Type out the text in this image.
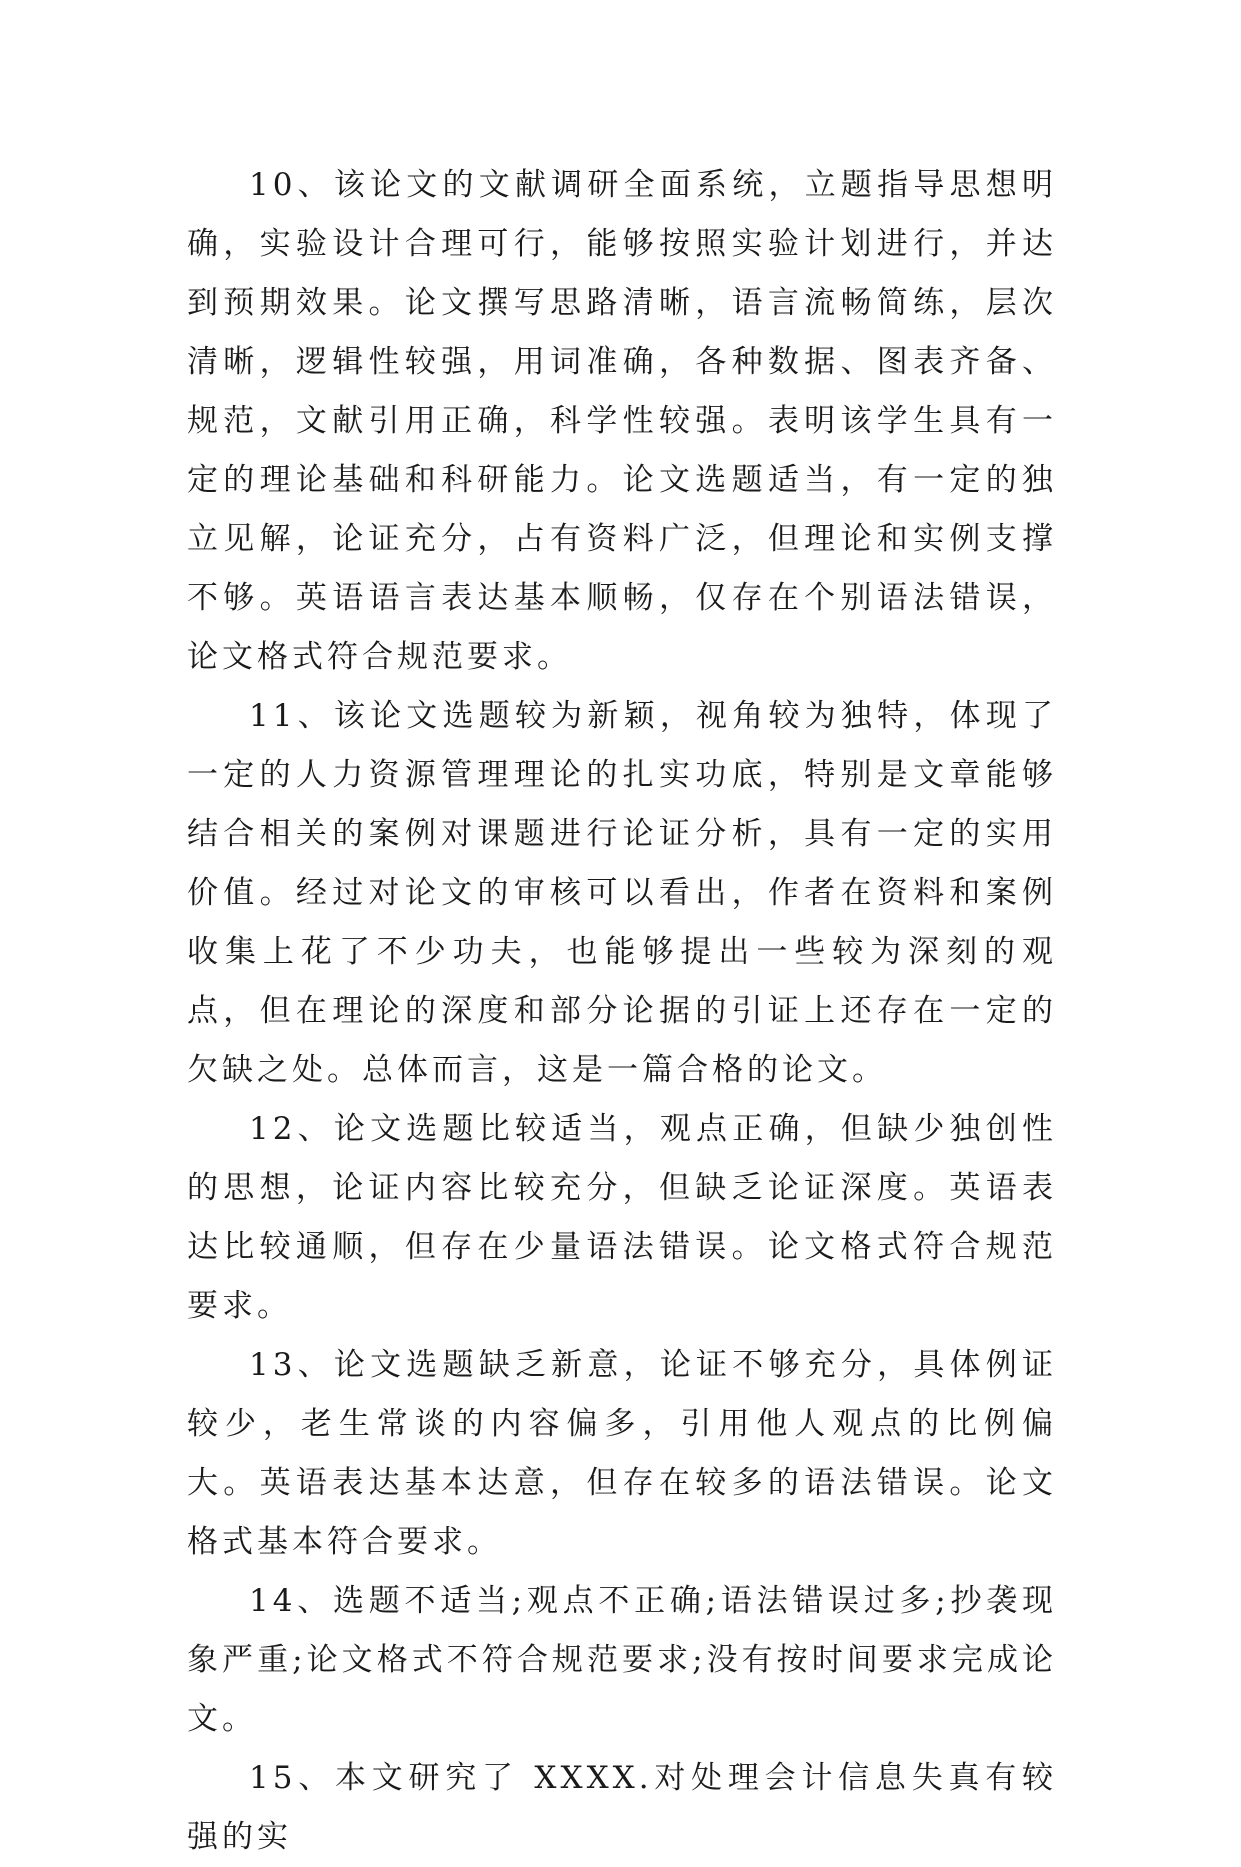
10、该论文的文献调研全面系统，立题指导思想明确，实验设计合理可行，能够按照实验计划进行，并达到预期效果。论文撰写思路清晰，语言流畅简练，层次清晰，逻辑性较强，用词准确，各种数据、图表齐备、规范，文献引用正确，科学性较强。表明该学生具有一定的理论基础和科研能力。论文选题适当，有一定的独立见解，论证充分，占有资料广泛，但理论和实例支撑不够。英语语言表达基本顺畅，仅存在个别语法错误，论文格式符合规范要求。

11、该论文选题较为新颖，视角较为独特，体现了一定的人力资源管理理论的扎实功底，特别是文章能够结合相关的案例对课题进行论证分析，具有一定的实用价值。经过对论文的审核可以看出，作者在资料和案例收集上花了不少功夫，也能够提出一些较为深刻的观点，但在理论的深度和部分论据的引证上还存在一定的欠缺之处。总体而言，这是一篇合格的论文。

12、论文选题比较适当，观点正确，但缺少独创性的思想，论证内容比较充分，但缺乏论证深度。英语表达比较通顺，但存在少量语法错误。论文格式符合规范要求。

13、论文选题缺乏新意，论证不够充分，具体例证较少，老生常谈的内容偏多，引用他人观点的比例偏大。英语表达基本达意，但存在较多的语法错误。论文格式基本符合要求。

14、选题不适当;观点不正确;语法错误过多;抄袭现象严重;论文格式不符合规范要求;没有按时间要求完成论文。

15、本文研究了 XXXX.对处理会计信息失真有较强的实
